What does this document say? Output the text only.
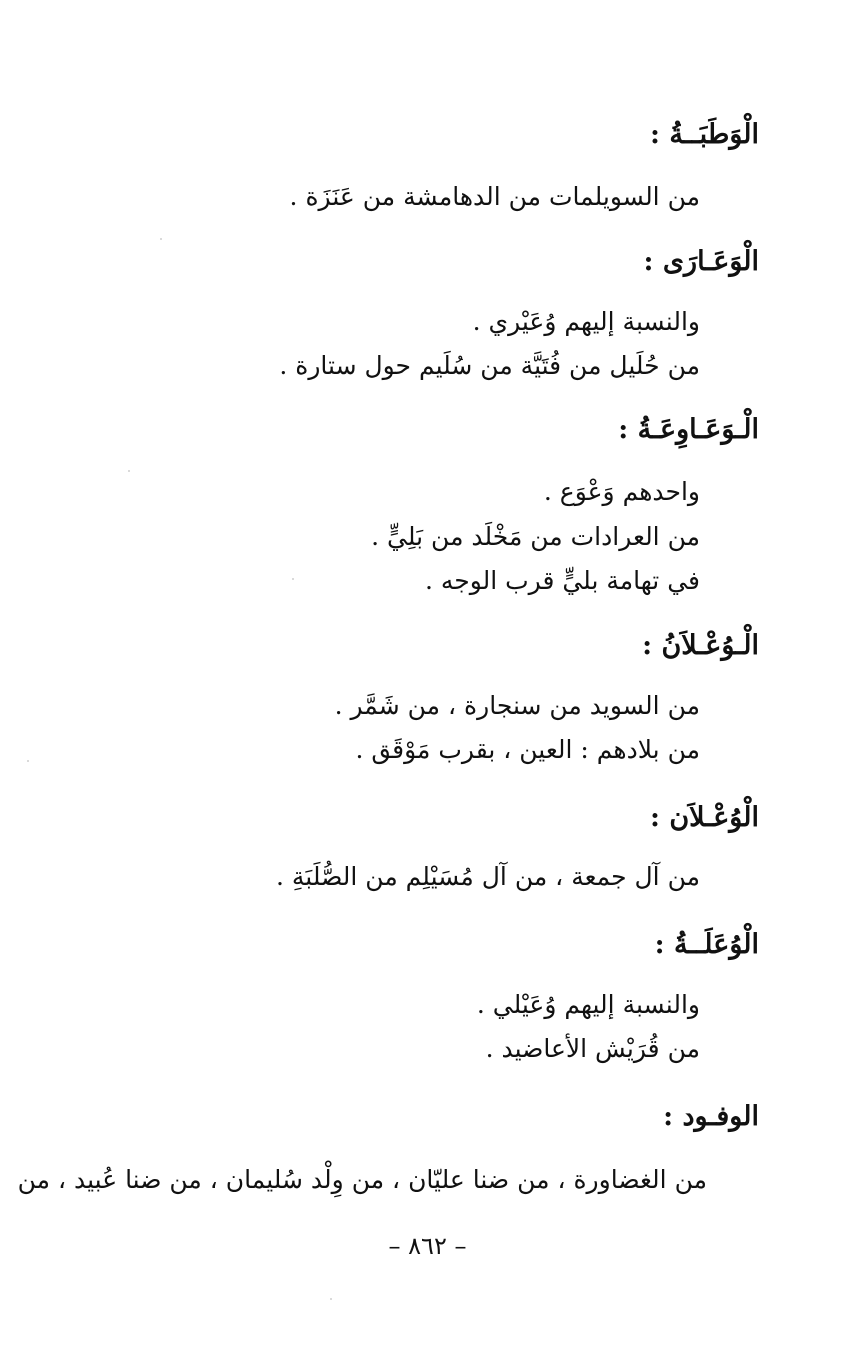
الْوَطَبَــةُ :
من السويلمات من الدهامشة من عَنَزَة .
الْوَعَـارَى :
والنسبة إليهم وُعَيْري .
من حُلَيل من فُتَيَّة من سُلَيم حول ستارة .
الْـوَعَـاوِعَـةُ :
واحدهم وَعْوَع .
من العرادات من مَخْلَد من بَلِيٍّ .
في تهامة بليٍّ قرب الوجه .
الْـوُعْـلاَنُ :
من السويد من سنجارة ، من شَمَّر .
من بلادهم : العين ، بقرب مَوْقَق .
الْوُعْـلاَن :
من آل جمعة ، من آل مُسَيْلِم من الصُّلَبَةِ .
الْوُعَلَــةُ :
والنسبة إليهم وُعَيْلي .
من قُرَيْش الأعاضيد .
الوفـود :
من الغضاورة ، من ضنا عليّان ، من وِلْد سُليمان ، من ضنا عُبيد ، من
– ٨٦٢ –
